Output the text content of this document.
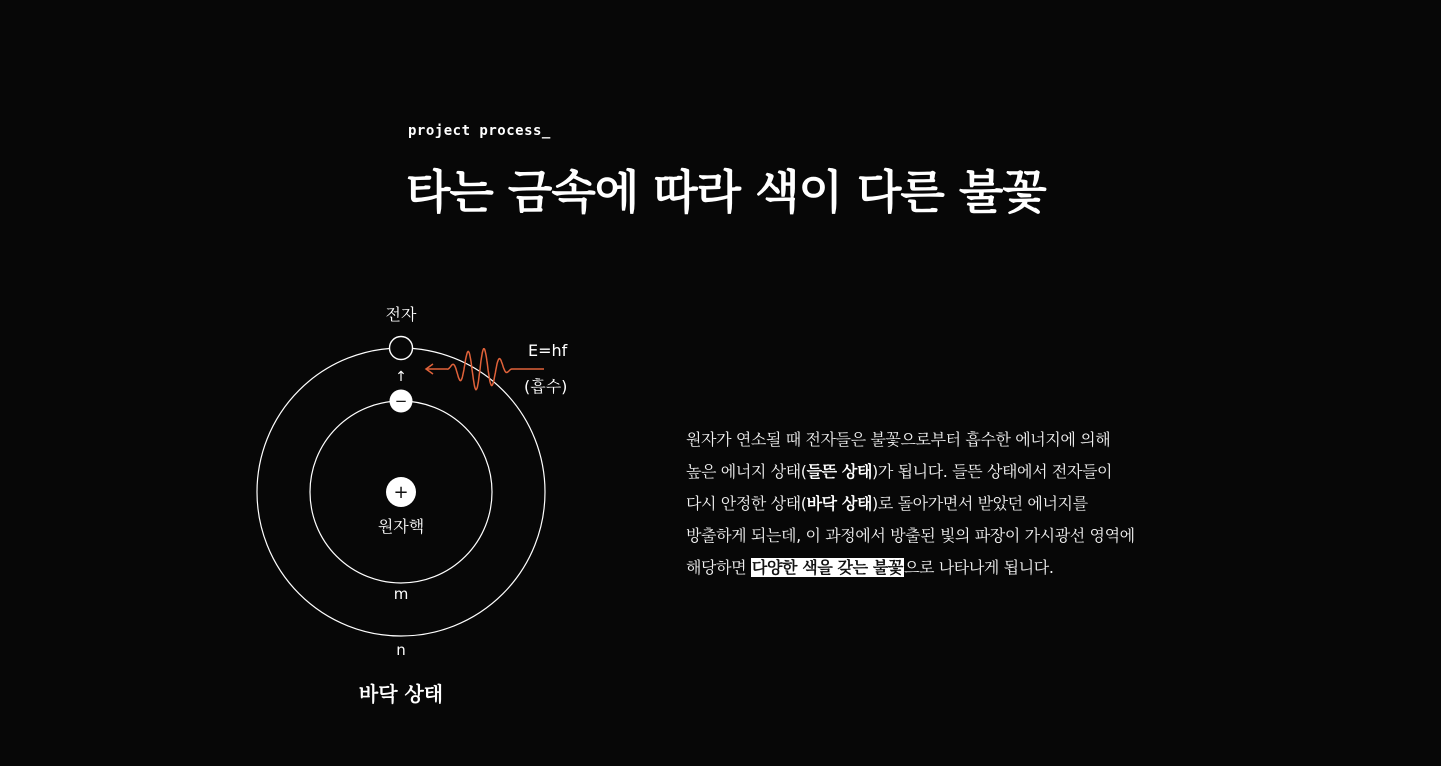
project process_
타는 금속에 따라 색이 다른 불꽃
+
원자핵
−
↑
전자
E=hf
(흡수)
m
n
바닥 상태

원자가 연소될 때 전자들은 불꽃으로부터 흡수한 에너지에 의해

높은 에너지 상태(들뜬 상태)가 됩니다. 들뜬 상태에서 전자들이

다시 안정한 상태(바닥 상태)로 돌아가면서 받았던 에너지를

방출하게 되는데, 이 과정에서 방출된 빛의 파장이 가시광선 영역에

해당하면 다양한 색을 갖는 불꽃으로 나타나게 됩니다.
